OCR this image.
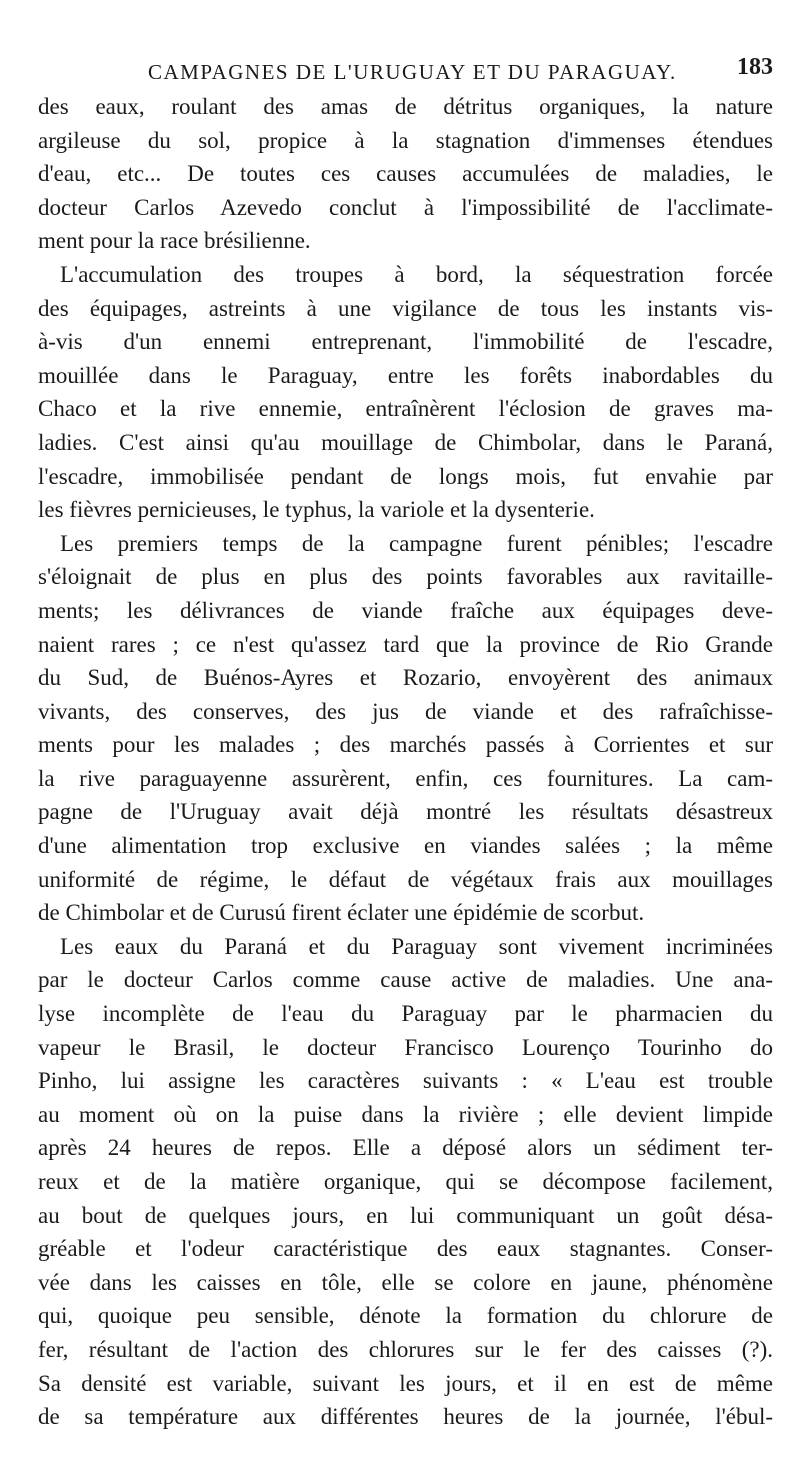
CAMPAGNES DE L'URUGUAY ET DU PARAGUAY.	183
des eaux, roulant des amas de détritus organiques, la nature
argileuse du sol, propice à la stagnation d'immenses étendues
d'eau, etc... De toutes ces causes accumulées de maladies, le
docteur Carlos Azevedo conclut à l'impossibilité de l'acclimate-
ment pour la race brésilienne.
L'accumulation des troupes à bord, la séquestration forcée
des équipages, astreints à une vigilance de tous les instants vis-
à-vis d'un ennemi entreprenant, l'immobilité de l'escadre,
mouillée dans le Paraguay, entre les forêts inabordables du
Chaco et la rive ennemie, entraînèrent l'éclosion de graves ma-
ladies. C'est ainsi qu'au mouillage de Chimbolar, dans le Paraná,
l'escadre, immobilisée pendant de longs mois, fut envahie par
les fièvres pernicieuses, le typhus, la variole et la dysenterie.
Les premiers temps de la campagne furent pénibles; l'escadre
s'éloignait de plus en plus des points favorables aux ravitaille-
ments; les délivrances de viande fraîche aux équipages deve-
naient rares ; ce n'est qu'assez tard que la province de Rio Grande
du Sud, de Buénos-Ayres et Rozario, envoyèrent des animaux
vivants, des conserves, des jus de viande et des rafraîchisse-
ments pour les malades ; des marchés passés à Corrientes et sur
la rive paraguayenne assurèrent, enfin, ces fournitures. La cam-
pagne de l'Uruguay avait déjà montré les résultats désastreux
d'une alimentation trop exclusive en viandes salées ; la même
uniformité de régime, le défaut de végétaux frais aux mouillages
de Chimbolar et de Curusú firent éclater une épidémie de scorbut.
Les eaux du Paraná et du Paraguay sont vivement incriminées
par le docteur Carlos comme cause active de maladies. Une ana-
lyse incomplète de l'eau du Paraguay par le pharmacien du
vapeur le Brasil, le docteur Francisco Lourenço Tourinho do
Pinho, lui assigne les caractères suivants : « L'eau est trouble
au moment où on la puise dans la rivière ; elle devient limpide
après 24 heures de repos. Elle a déposé alors un sédiment ter-
reux et de la matière organique, qui se décompose facilement,
au bout de quelques jours, en lui communiquant un goût désa-
gréable et l'odeur caractéristique des eaux stagnantes. Conser-
vée dans les caisses en tôle, elle se colore en jaune, phénomène
qui, quoique peu sensible, dénote la formation du chlorure de
fer, résultant de l'action des chlorures sur le fer des caisses (?).
Sa densité est variable, suivant les jours, et il en est de même
de sa température aux différentes heures de la journée, l'ébul-
